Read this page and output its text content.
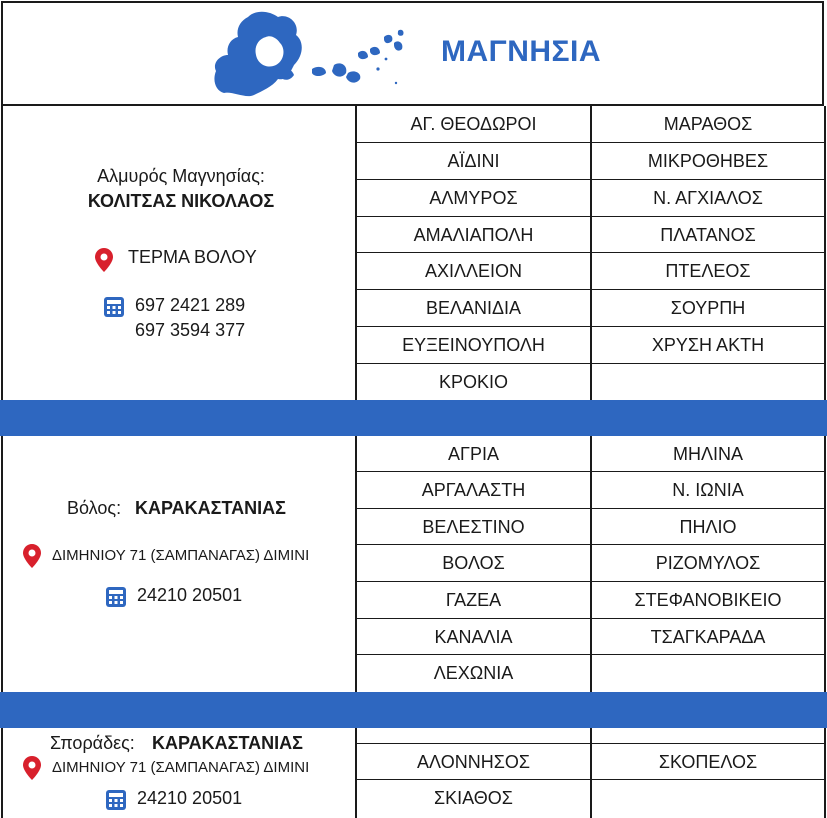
ΜΑΓΝΗΣΙΑ
Αλμυρός Μαγνησίας:
ΚΟΛΙΤΣΑΣ ΝΙΚΟΛΑΟΣ
ΤΕΡΜΑ ΒΟΛΟΥ
697 2421 289
697 3594 377
ΑΓ. ΘΕΟΔΩΡΟΙ	ΜΑΡΑΘΟΣ
ΑΪΔΙΝΙ	ΜΙΚΡΟΘΗΒΕΣ
ΑΛΜΥΡΟΣ	Ν. ΑΓΧΙΑΛΟΣ
ΑΜΑΛΙΑΠΟΛΗ	ΠΛΑΤΑΝΟΣ
ΑΧΙΛΛΕΙΟΝ	ΠΤΕΛΕΟΣ
ΒΕΛΑΝΙΔΙΑ	ΣΟΥΡΠΗ
ΕΥΞΕΙΝΟΥΠΟΛΗ	ΧΡΥΣΗ ΑΚΤΗ
ΚΡΟΚΙΟ
Βόλος: ΚΑΡΑΚΑΣΤΑΝΙΑΣ
ΔΙΜΗΝΙΟΥ 71 (ΣΑΜΠΑΝΑΓΑΣ) ΔΙΜΙΝΙ
24210 20501
ΑΓΡΙΑ	ΜΗΛΙΝΑ
ΑΡΓΑΛΑΣΤΗ	Ν. ΙΩΝΙΑ
ΒΕΛΕΣΤΙΝΟ	ΠΗΛΙΟ
ΒΟΛΟΣ	ΡΙΖΟΜΥΛΟΣ
ΓΑΖΕΑ	ΣΤΕΦΑΝΟΒΙΚΕΙΟ
ΚΑΝΑΛΙΑ	ΤΣΑΓΚΑΡΑΔΑ
ΛΕΧΩΝΙΑ
Σποράδες: ΚΑΡΑΚΑΣΤΑΝΙΑΣ
ΔΙΜΗΝΙΟΥ 71 (ΣΑΜΠΑΝΑΓΑΣ) ΔΙΜΙΝΙ
24210 20501
ΑΛΟΝΝΗΣΟΣ	ΣΚΟΠΕΛΟΣ
ΣΚΙΑΘΟΣ
